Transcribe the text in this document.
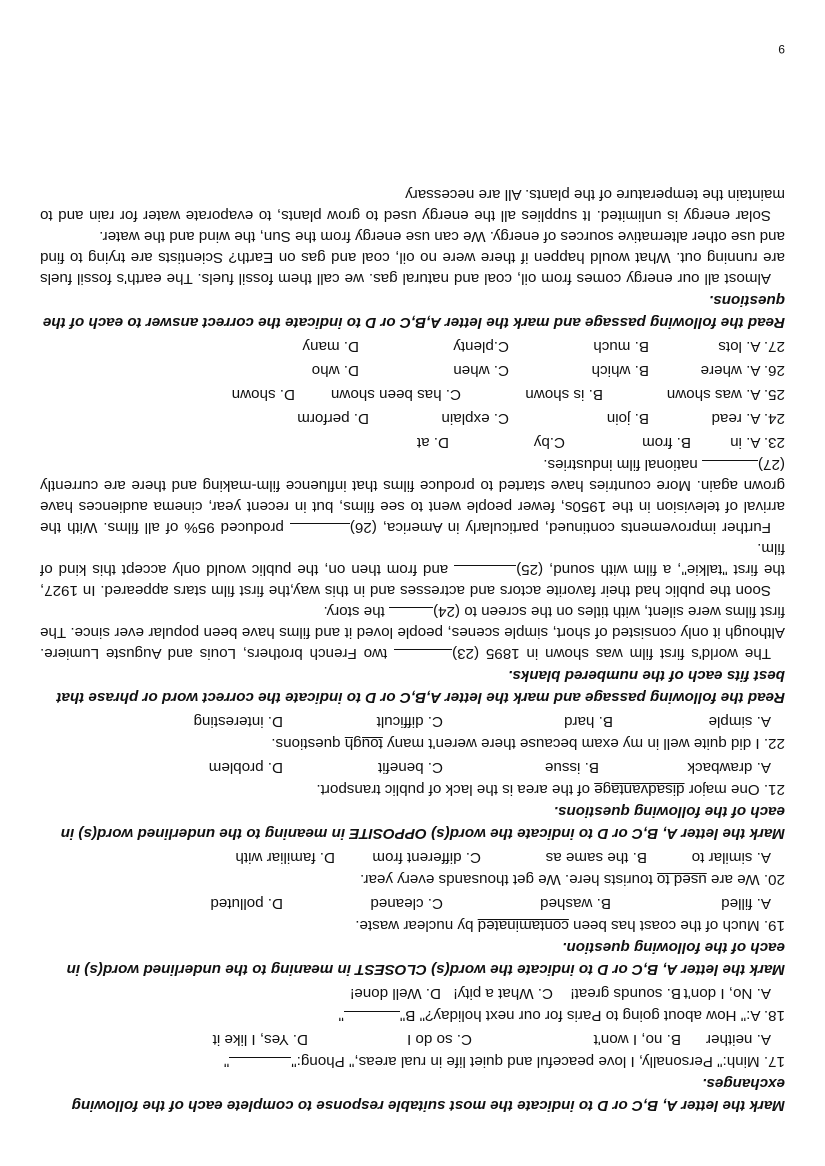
Mark the letter A, B,C or D to indicate the most suitable response to complete each of the following exchanges.

17. Minh:" Personally, I love peaceful and quiet life in rual areas," Phong:""

A. neither
B. no, I won't
C. so do I
D. Yes, I like it

18. A:" How about going to Paris for our next holiday?" B""

A. No, I don't
B. sounds great!
C. What a pity!
D. Well done!

Mark the letter A, B,C or D to indicate the word(s) CLOSEST in meaning to the underlined word(s) in each of the following question.

19. Much of the coast has been contaminated by nuclear waste.

A. filled
B. washed
C. cleaned
D. polluted

20. We are used to tourists here. We get thousands every year.

A. similar to
B. the same as
C. different from
D. familiar with

Mark the letter A, B,C or D to indicate the word(s) OPPOSITE in meaning to the underlined word(s) in each of the following questions.

21. One major disadvantage of the area is the lack of public transport.

A. drawback
B. issue
C. benefit
D. problem

22. I did quite well in my exam because there weren't many tough questions.

A. simple
B. hard
C. difficult
D. interesting

Read the following passage and mark the letter A,B,C or D to indicate the correct word or phrase that best fits each of the numbered blanks.

The world's first film was shown in 1895 (23) two French brothers, Louis and Auguste Lumiere. Although it only consisted of short, simple scenes, people loved it and films have been popular ever since. The first films were silent, with titles on the screen to (24) the story.

Soon the public had their favorite actors and actresses and in this way,the first film stars appeared. In 1927, the first "talkie", a film with sound, (25) and from then on, the public would only accept this kind of film.

Further improvements continued, particularly in America, (26) produced 95% of all films. With the arrival of television in the 1950s, fewer people went to see films, but in recent year, cinema audiences have grown again. More countries have started to produce films that influence film-making and there are currently (27) national film industries.

23. A. in
B. from
C.by
D. at
24. A. read
B. join
C. explain
D. perform
25. A. was shown
B. is shown
C. has been shown
D. shown
26. A. where
B. which
C. when
D. who
27. A. lots
B. much
C.plenty
D. many

Read the following passage and mark the letter A,B,C or D to indicate the correct answer to each of the questions.

Almost all our energy comes from oil, coal and natural gas. we call them fossil fuels. The earth's fossil fuels are running out. What would happen if there were no oil, coal and gas on Earth? Scientists are trying to find and use other alternative sources of energy. We can use energy from the Sun, the wind and the water.

Solar energy is unlimited. It supplies all the energy used to grow plants, to evaporate water for rain and to maintain the temperature of the plants. All are necessary

9
